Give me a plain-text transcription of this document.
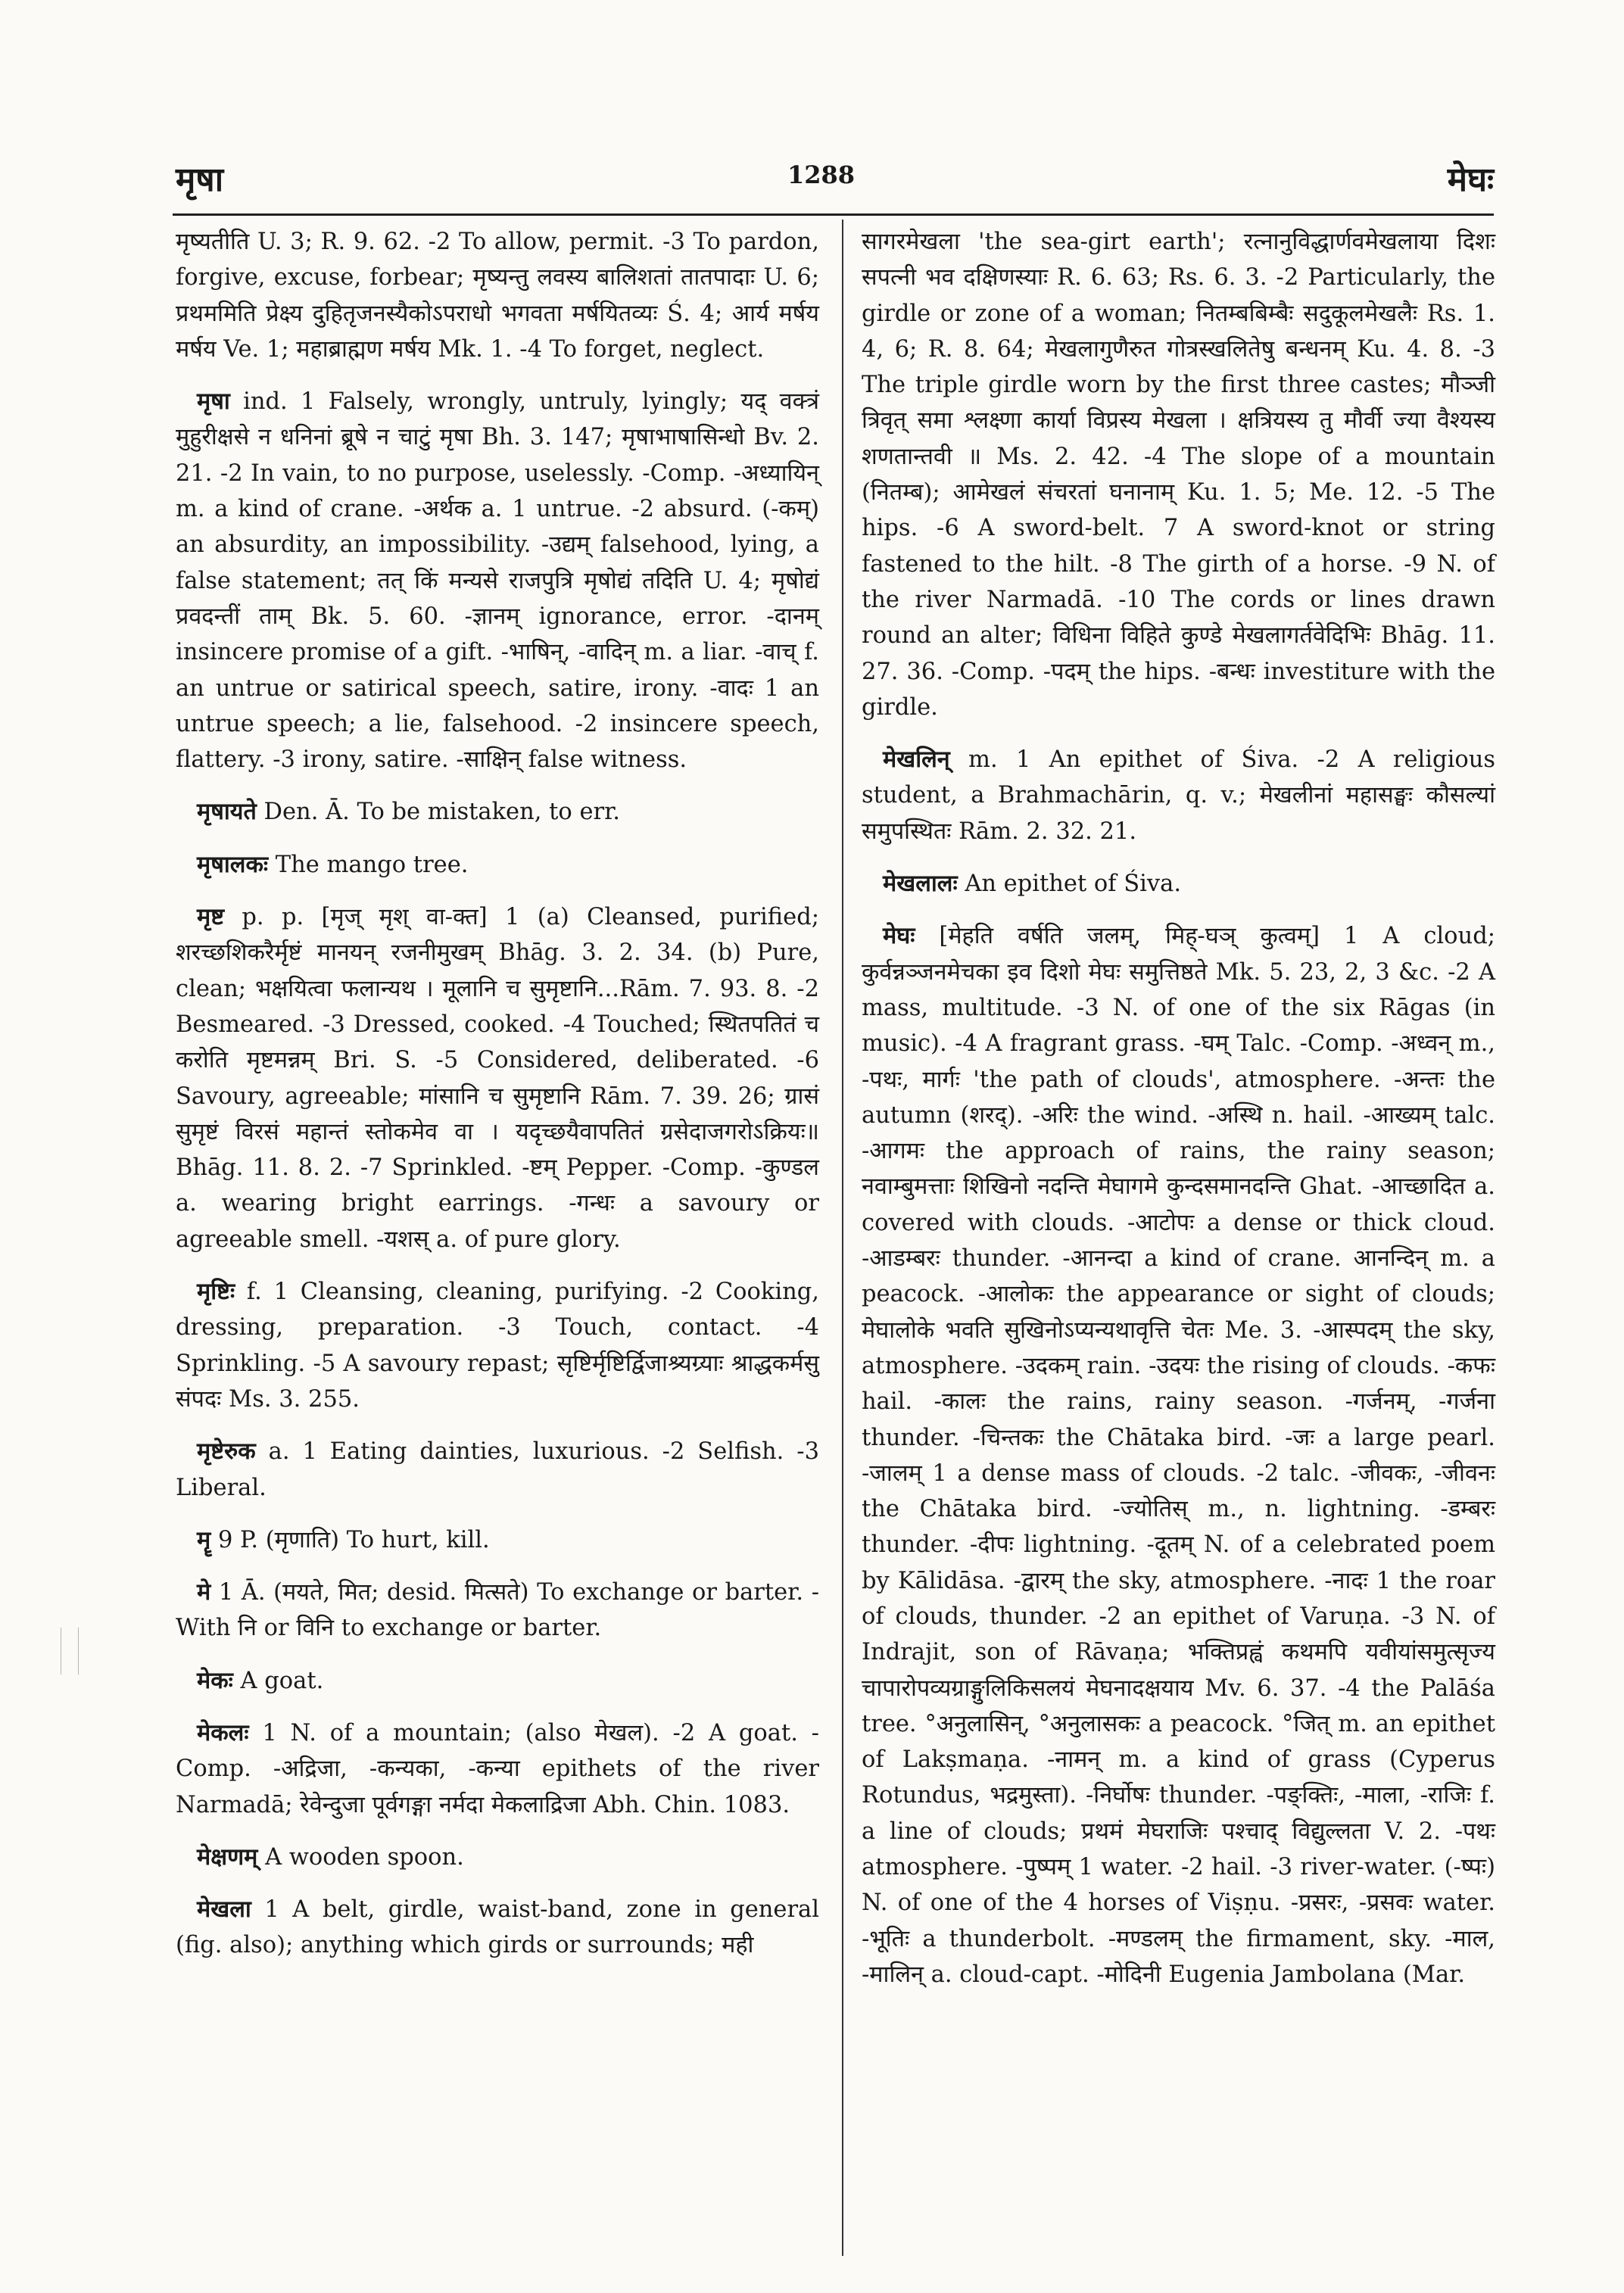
मृषा	1288	मेघः

मृष्यतीति U. 3; R. 9. 62. -2 To allow, permit. -3 To pardon, forgive, excuse, forbear; मृष्यन्तु लवस्य बालिशतां तातपादाः U. 6; प्रथममिति प्रेक्ष्य दुहितृजनस्यैकोऽपराधो भगवता मर्षयितव्यः Ś. 4; आर्य मर्षय मर्षय Ve. 1; महाब्राह्मण मर्षय Mk. 1. -4 To forget, neglect.

मृषा ind. 1 Falsely, wrongly, untruly, lyingly; यद् वक्त्रं मुहुरीक्षसे न धनिनां ब्रूषे न चाटुं मृषा Bh. 3. 147; मृषाभाषासिन्धो Bv. 2. 21. -2 In vain, to no purpose, uselessly. -Comp. -अध्यायिन् m. a kind of crane. -अर्थक a. 1 untrue. -2 absurd. (-कम्) an absurdity, an impossibility. -उद्यम् falsehood, lying, a false statement; तत् किं मन्यसे राजपुत्रि मृषोद्यं तदिति U. 4; मृषोद्यं प्रवदन्तीं ताम् Bk. 5. 60. -ज्ञानम् ignorance, error. -दानम् insincere promise of a gift. -भाषिन्, -वादिन् m. a liar. -वाच् f. an untrue or satirical speech, satire, irony. -वादः 1 an untrue speech; a lie, falsehood. -2 insincere speech, flattery. -3 irony, satire. -साक्षिन् false witness.

मृषायते Den. Ā. To be mistaken, to err.

मृषालकः The mango tree.

मृष्ट p. p. [मृज् मृश् वा-क्त] 1 (a) Cleansed, purified; शरच्छशिकरैर्मृष्टं मानयन् रजनीमुखम् Bhāg. 3. 2. 34. (b) Pure, clean; भक्षयित्वा फलान्यथ । मूलानि च सुमृष्टानि...Rām. 7. 93. 8. -2 Besmeared. -3 Dressed, cooked. -4 Touched; स्थितपतितं च करोति मृष्टमन्नम् Bri. S. -5 Considered, deliberated. -6 Savoury, agreeable; मांसानि च सुमृष्टानि Rām. 7. 39. 26; ग्रासं सुमृष्टं विरसं महान्तं स्तोकमेव वा । यदृच्छयैवापतितं ग्रसेदाजगरोऽक्रियः॥ Bhāg. 11. 8. 2. -7 Sprinkled. -ष्टम् Pepper. -Comp. -कुण्डल a. wearing bright earrings. -गन्धः a savoury or agreeable smell. -यशस् a. of pure glory.

मृष्टिः f. 1 Cleansing, cleaning, purifying. -2 Cooking, dressing, preparation. -3 Touch, contact. -4 Sprinkling. -5 A savoury repast; सृष्टिर्मृष्टिर्द्विजाश्र्यग्र्याः श्राद्धकर्मसु संपदः Ms. 3. 255.

मृष्टेरुक a. 1 Eating dainties, luxurious. -2 Selfish. -3 Liberal.

मॄ 9 P. (मृणाति) To hurt, kill.

मे 1 Ā. (मयते, मित; desid. मित्सते) To exchange or barter. -With नि or विनि to exchange or barter.

मेकः A goat.

मेकलः 1 N. of a mountain; (also मेखल). -2 A goat. -Comp. -अद्रिजा, -कन्यका, -कन्या epithets of the river Narmadā; रेवेन्दुजा पूर्वगङ्गा नर्मदा मेकलाद्रिजा Abh. Chin. 1083.

मेक्षणम् A wooden spoon.

मेखला 1 A belt, girdle, waist-band, zone in general (fig. also); anything which girds or surrounds; मही

सागरमेखला 'the sea-girt earth'; रत्नानुविद्धार्णवमेखलाया दिशः सपत्नी भव दक्षिणस्याः R. 6. 63; Rs. 6. 3. -2 Particularly, the girdle or zone of a woman; नितम्बबिम्बैः सदुकूलमेखलैः Rs. 1. 4, 6; R. 8. 64; मेखलागुणैरुत गोत्रस्खलितेषु बन्धनम् Ku. 4. 8. -3 The triple girdle worn by the first three castes; मौञ्जी त्रिवृत् समा श्लक्ष्णा कार्या विप्रस्य मेखला । क्षत्रियस्य तु मौर्वी ज्या वैश्यस्य शणतान्तवी ॥ Ms. 2. 42. -4 The slope of a mountain (नितम्ब); आमेखलं संचरतां घनानाम् Ku. 1. 5; Me. 12. -5 The hips. -6 A sword-belt. 7 A sword-knot or string fastened to the hilt. -8 The girth of a horse. -9 N. of the river Narmadā. -10 The cords or lines drawn round an alter; विधिना विहिते कुण्डे मेखलागर्तवेदिभिः Bhāg. 11. 27. 36. -Comp. -पदम् the hips. -बन्धः investiture with the girdle.

मेखलिन् m. 1 An epithet of Śiva. -2 A religious student, a Brahmachārin, q. v.; मेखलीनां महासङ्घः कौसल्यां समुपस्थितः Rām. 2. 32. 21.

मेखलालः An epithet of Śiva.

मेघः [मेहति वर्षति जलम्, मिह्-घञ् कुत्वम्] 1 A cloud; कुर्वन्नञ्जनमेचका इव दिशो मेघः समुत्तिष्ठते Mk. 5. 23, 2, 3 &c. -2 A mass, multitude. -3 N. of one of the six Rāgas (in music). -4 A fragrant grass. -घम् Talc. -Comp. -अध्वन् m., -पथः, मार्गः 'the path of clouds', atmosphere. -अन्तः the autumn (शरद्). -अरिः the wind. -अस्थि n. hail. -आख्यम् talc. -आगमः the approach of rains, the rainy season; नवाम्बुमत्ताः शिखिनो नदन्ति मेघागमे कुन्दसमानदन्ति Ghat. -आच्छादित a. covered with clouds. -आटोपः a dense or thick cloud. -आडम्बरः thunder. -आनन्दा a kind of crane. आनन्दिन् m. a peacock. -आलोकः the appearance or sight of clouds; मेघालोके भवति सुखिनोऽप्यन्यथावृत्ति चेतः Me. 3. -आस्पदम् the sky, atmosphere. -उदकम् rain. -उदयः the rising of clouds. -कफः hail. -कालः the rains, rainy season. -गर्जनम्, -गर्जना thunder. -चिन्तकः the Chātaka bird. -जः a large pearl. -जालम् 1 a dense mass of clouds. -2 talc. -जीवकः, -जीवनः the Chātaka bird. -ज्योतिस् m., n. lightning. -डम्बरः thunder. -दीपः lightning. -दूतम् N. of a celebrated poem by Kālidāsa. -द्वारम् the sky, atmosphere. -नादः 1 the roar of clouds, thunder. -2 an epithet of Varuṇa. -3 N. of Indrajit, son of Rāvaṇa; भक्तिप्रह्वं कथमपि यवीयांसमुत्सृज्य चापारोपव्यग्राङ्गुलिकिसलयं मेघनादक्षयाय Mv. 6. 37. -4 the Palāśa tree. °अनुलासिन्, °अनुलासकः a peacock. °जित् m. an epithet of Lakṣmaṇa. -नामन् m. a kind of grass (Cyperus Rotundus, भद्रमुस्ता). -निर्घोषः thunder. -पङ्क्तिः, -माला, -राजिः f. a line of clouds; प्रथमं मेघराजिः पश्चाद् विद्युल्लता V. 2. -पथः atmosphere. -पुष्पम् 1 water. -2 hail. -3 river-water. (-ष्पः) N. of one of the 4 horses of Viṣṇu. -प्रसरः, -प्रसवः water. -भूतिः a thunderbolt. -मण्डलम् the firmament, sky. -माल, -मालिन् a. cloud-capt. -मोदिनी Eugenia Jambolana (Mar.
